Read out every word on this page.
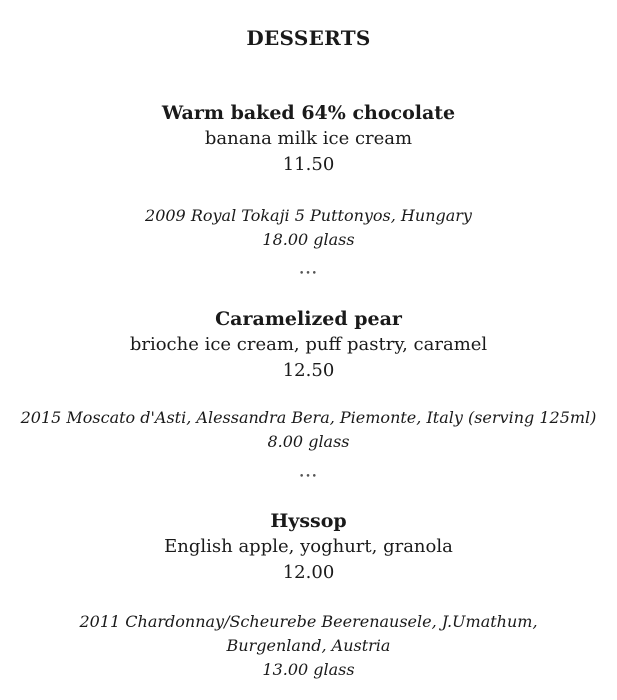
DESSERTS

Warm baked 64% chocolate

banana milk ice cream

11.50

2009 Royal Tokaji 5 Puttonyos, Hungary

18.00 glass

•••

Caramelized pear

brioche ice cream, puff pastry, caramel

12.50

2015 Moscato d'Asti, Alessandra Bera, Piemonte, Italy (serving 125ml)

8.00 glass

•••

Hyssop

English apple, yoghurt, granola

12.00

2011 Chardonnay/Scheurebe Beerenausele, J.Umathum, Burgenland, Austria

13.00 glass
